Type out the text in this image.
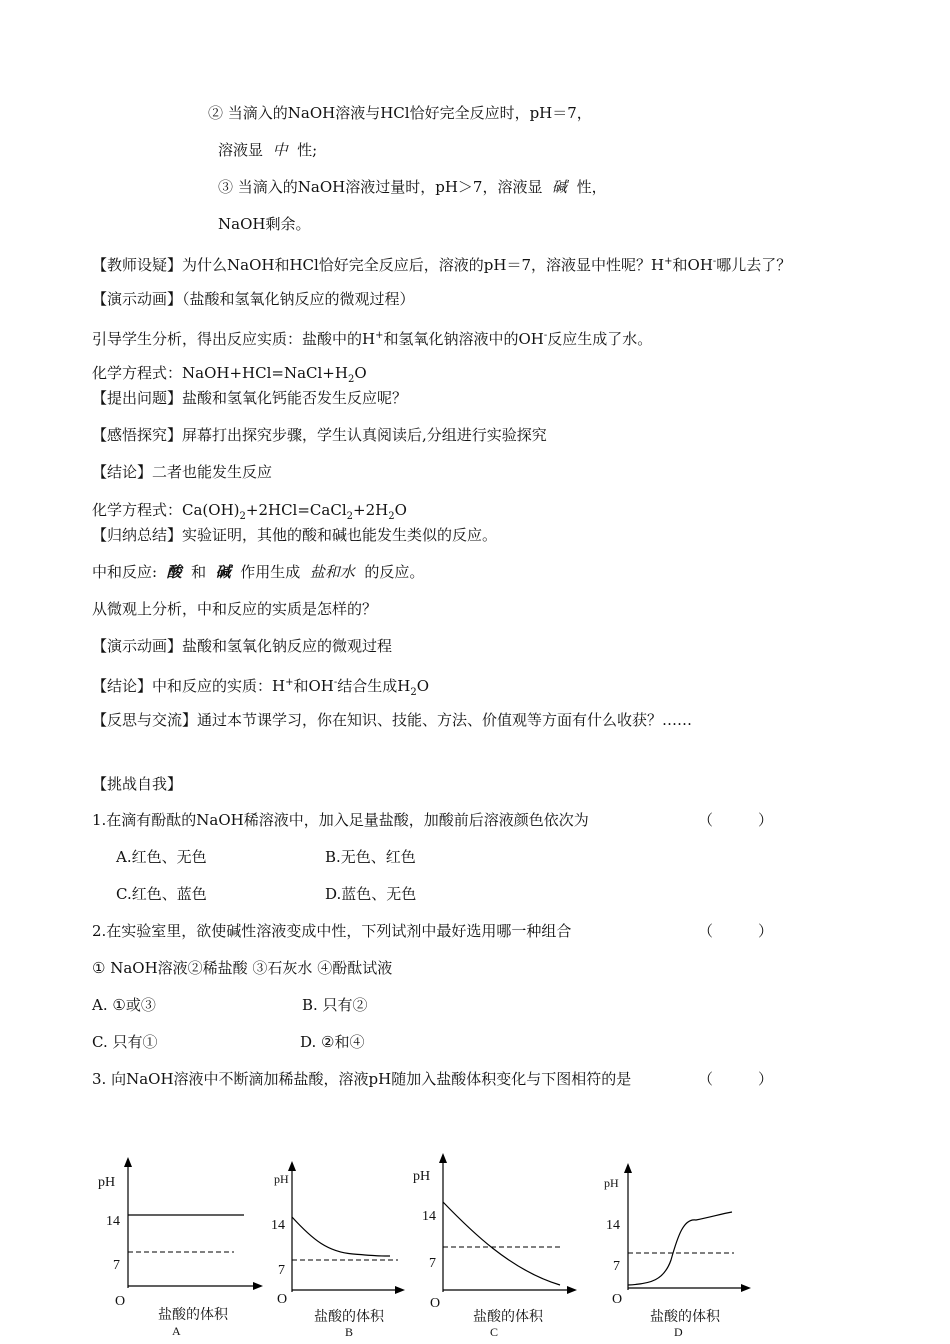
② 当滴入的NaOH溶液与HCl恰好完全反应时，pH＝7，
溶液显 中 性;
③ 当滴入的NaOH溶液过量时，pH＞7，溶液显 碱 性，
NaOH剩余。
【教师设疑】为什么NaOH和HCl恰好完全反应后，溶液的pH＝7，溶液显中性呢？H+和OH-哪儿去了？
【演示动画】（盐酸和氢氧化钠反应的微观过程）
引导学生分析，得出反应实质：盐酸中的H+和氢氧化钠溶液中的OH-反应生成了水。
化学方程式：$NaOH+HCl=NaCl+H_2O$
【提出问题】盐酸和氢氧化钙能否发生反应呢？
【感悟探究】屏幕打出探究步骤，学生认真阅读后,分组进行实验探究
【结论】二者也能发生反应
化学方程式：$Ca(OH)_2+2HCl=CaCl_2+2H_2O$
【归纳总结】实验证明，其他的酸和碱也能发生类似的反应。
中和反应: 酸 和 碱 作用生成 盐和水 的反应。
从微观上分析，中和反应的实质是怎样的？
【演示动画】盐酸和氢氧化钠反应的微观过程
【结论】中和反应的实质：H+和OH-结合生成$H_2O$
【反思与交流】通过本节课学习，你在知识、技能、方法、价值观等方面有什么收获？……
【挑战自我】
1.在滴有酚酞的NaOH稀溶液中，加入足量盐酸，加酸前后溶液颜色依次为	（　　　）
A.红色、无色	B.无色、红色
C.红色、蓝色	D.蓝色、无色
2.在实验室里，欲使碱性溶液变成中性，下列试剂中最好选用哪一种组合	（　　　）
① NaOH溶液②稀盐酸 ③石灰水 ④酚酞试液
A. ①或③	B. 只有②
C. 只有①	D. ②和④
3. 向NaOH溶液中不断滴加稀盐酸，溶液pH随加入盐酸体积变化与下图相符的是	（　　　）
pH
14
7
O
盐酸的体积
A
pH
14
7
O
盐酸的体积
B
pH
14
7
O
盐酸的体积
C
pH
14
7
O
盐酸的体积
D
